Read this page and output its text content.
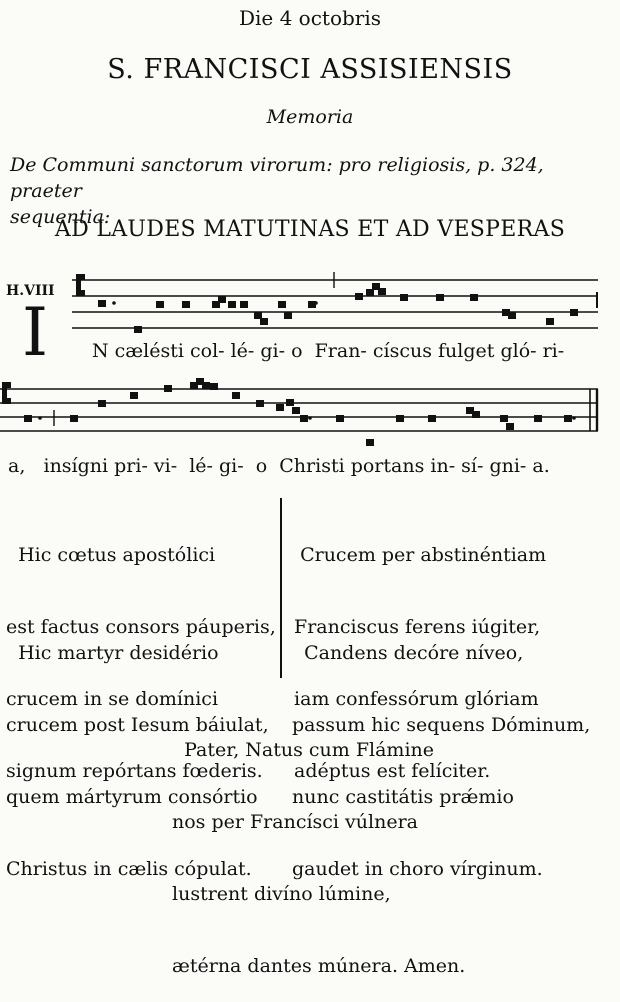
Die 4 octobris
S. FRANCISCI ASSISIENSIS
Memoria
De Communi sanctorum virorum: pro religiosis, p. 324, praeter
sequentia:
AD LAUDES MATUTINAS ET AD VESPERAS
H.VIII
I N cælésti col- lé- gi- o  Fran- císcus fulget gló- ri-
a,   insígni pri- vi-  lé- gi-  o  Christi portans in- sí- gni- a.

Hic cœtus apostólici

est factus consors páuperis,

crucem in se domínici

signum repórtans fœderis.

Hic martyr desidério

crucem post Iesum báiulat,

quem mártyrum consórtio

Christus in cælis cópulat.

Crucem per abstinéntiam

Franciscus ferens iúgiter,

iam confessórum glóriam

adéptus est felíciter.

Candens decóre níveo,

passum hic sequens Dóminum,

nunc castitátis prǽmio

gaudet in choro vírginum.

Pater, Natus cum Flámine

nos per Francísci vúlnera

lustrent divíno lúmine,

ætérna dantes múnera. Amen.
